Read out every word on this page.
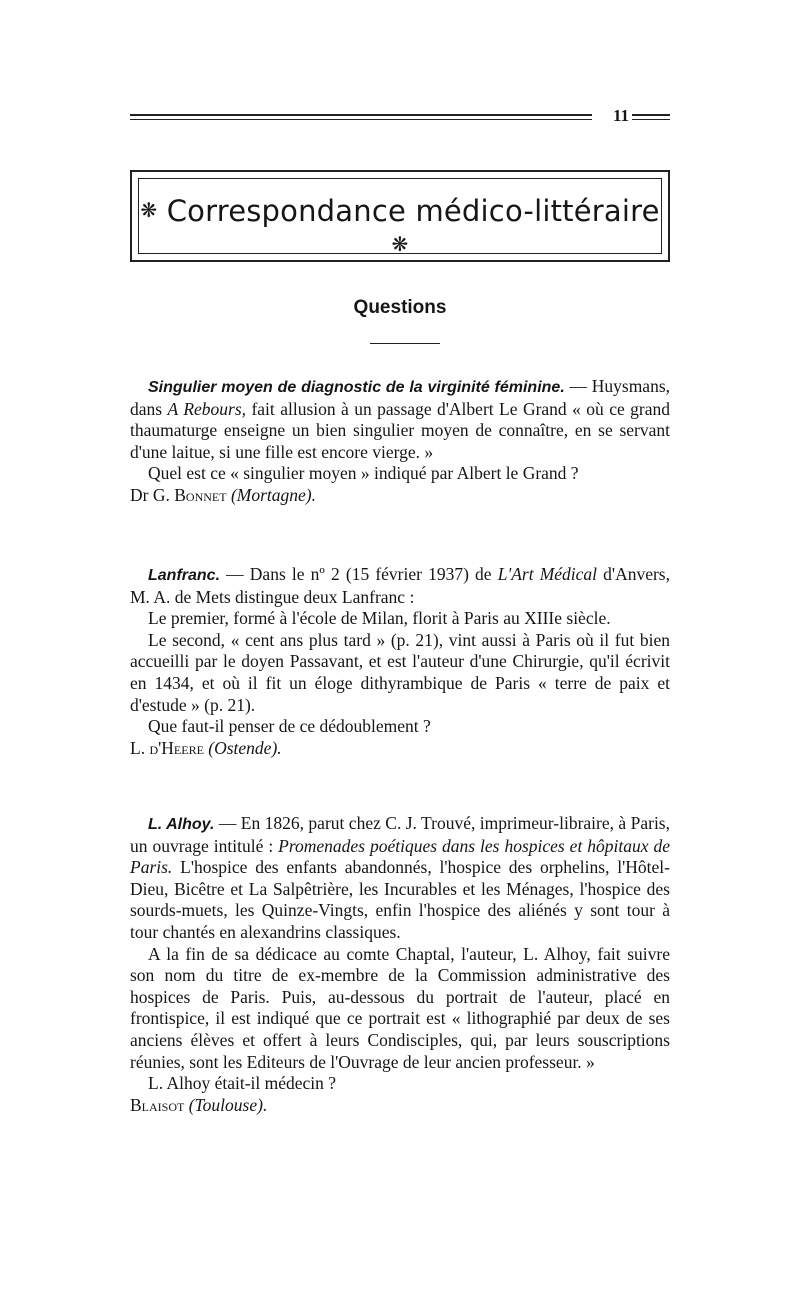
11
❋ Correspondance médico-littéraire ❋
Questions

Singulier moyen de diagnostic de la virginité féminine. — Huysmans, dans A Rebours, fait allusion à un passage d'Albert Le Grand « où ce grand thaumaturge enseigne un bien singulier moyen de connaître, en se servant d'une laitue, si une fille est encore vierge. »

Quel est ce « singulier moyen » indiqué par Albert le Grand ?

Dr G. Bonnet (Mortagne).

Lanfranc. — Dans le nº 2 (15 février 1937) de L'Art Médical d'Anvers, M. A. de Mets distingue deux Lanfranc :

Le premier, formé à l'école de Milan, florit à Paris au XIIIe siècle.

Le second, « cent ans plus tard » (p. 21), vint aussi à Paris où il fut bien accueilli par le doyen Passavant, et est l'auteur d'une Chirurgie, qu'il écrivit en 1434, et où il fit un éloge dithyrambique de Paris « terre de paix et d'estude » (p. 21).

Que faut-il penser de ce dédoublement ?

L. d'Heere (Ostende).

L. Alhoy. — En 1826, parut chez C. J. Trouvé, imprimeur-libraire, à Paris, un ouvrage intitulé : Promenades poétiques dans les hospices et hôpitaux de Paris. L'hospice des enfants abandonnés, l'hospice des orphelins, l'Hôtel-Dieu, Bicêtre et La Salpêtrière, les Incurables et les Ménages, l'hospice des sourds-muets, les Quinze-Vingts, enfin l'hospice des aliénés y sont tour à tour chantés en alexandrins classiques.

A la fin de sa dédicace au comte Chaptal, l'auteur, L. Alhoy, fait suivre son nom du titre de ex-membre de la Commission administrative des hospices de Paris. Puis, au-dessous du portrait de l'auteur, placé en frontispice, il est indiqué que ce portrait est « lithographié par deux de ses anciens élèves et offert à leurs Condisciples, qui, par leurs souscriptions réunies, sont les Editeurs de l'Ouvrage de leur ancien professeur. »

L. Alhoy était-il médecin ?

Blaisot (Toulouse).
